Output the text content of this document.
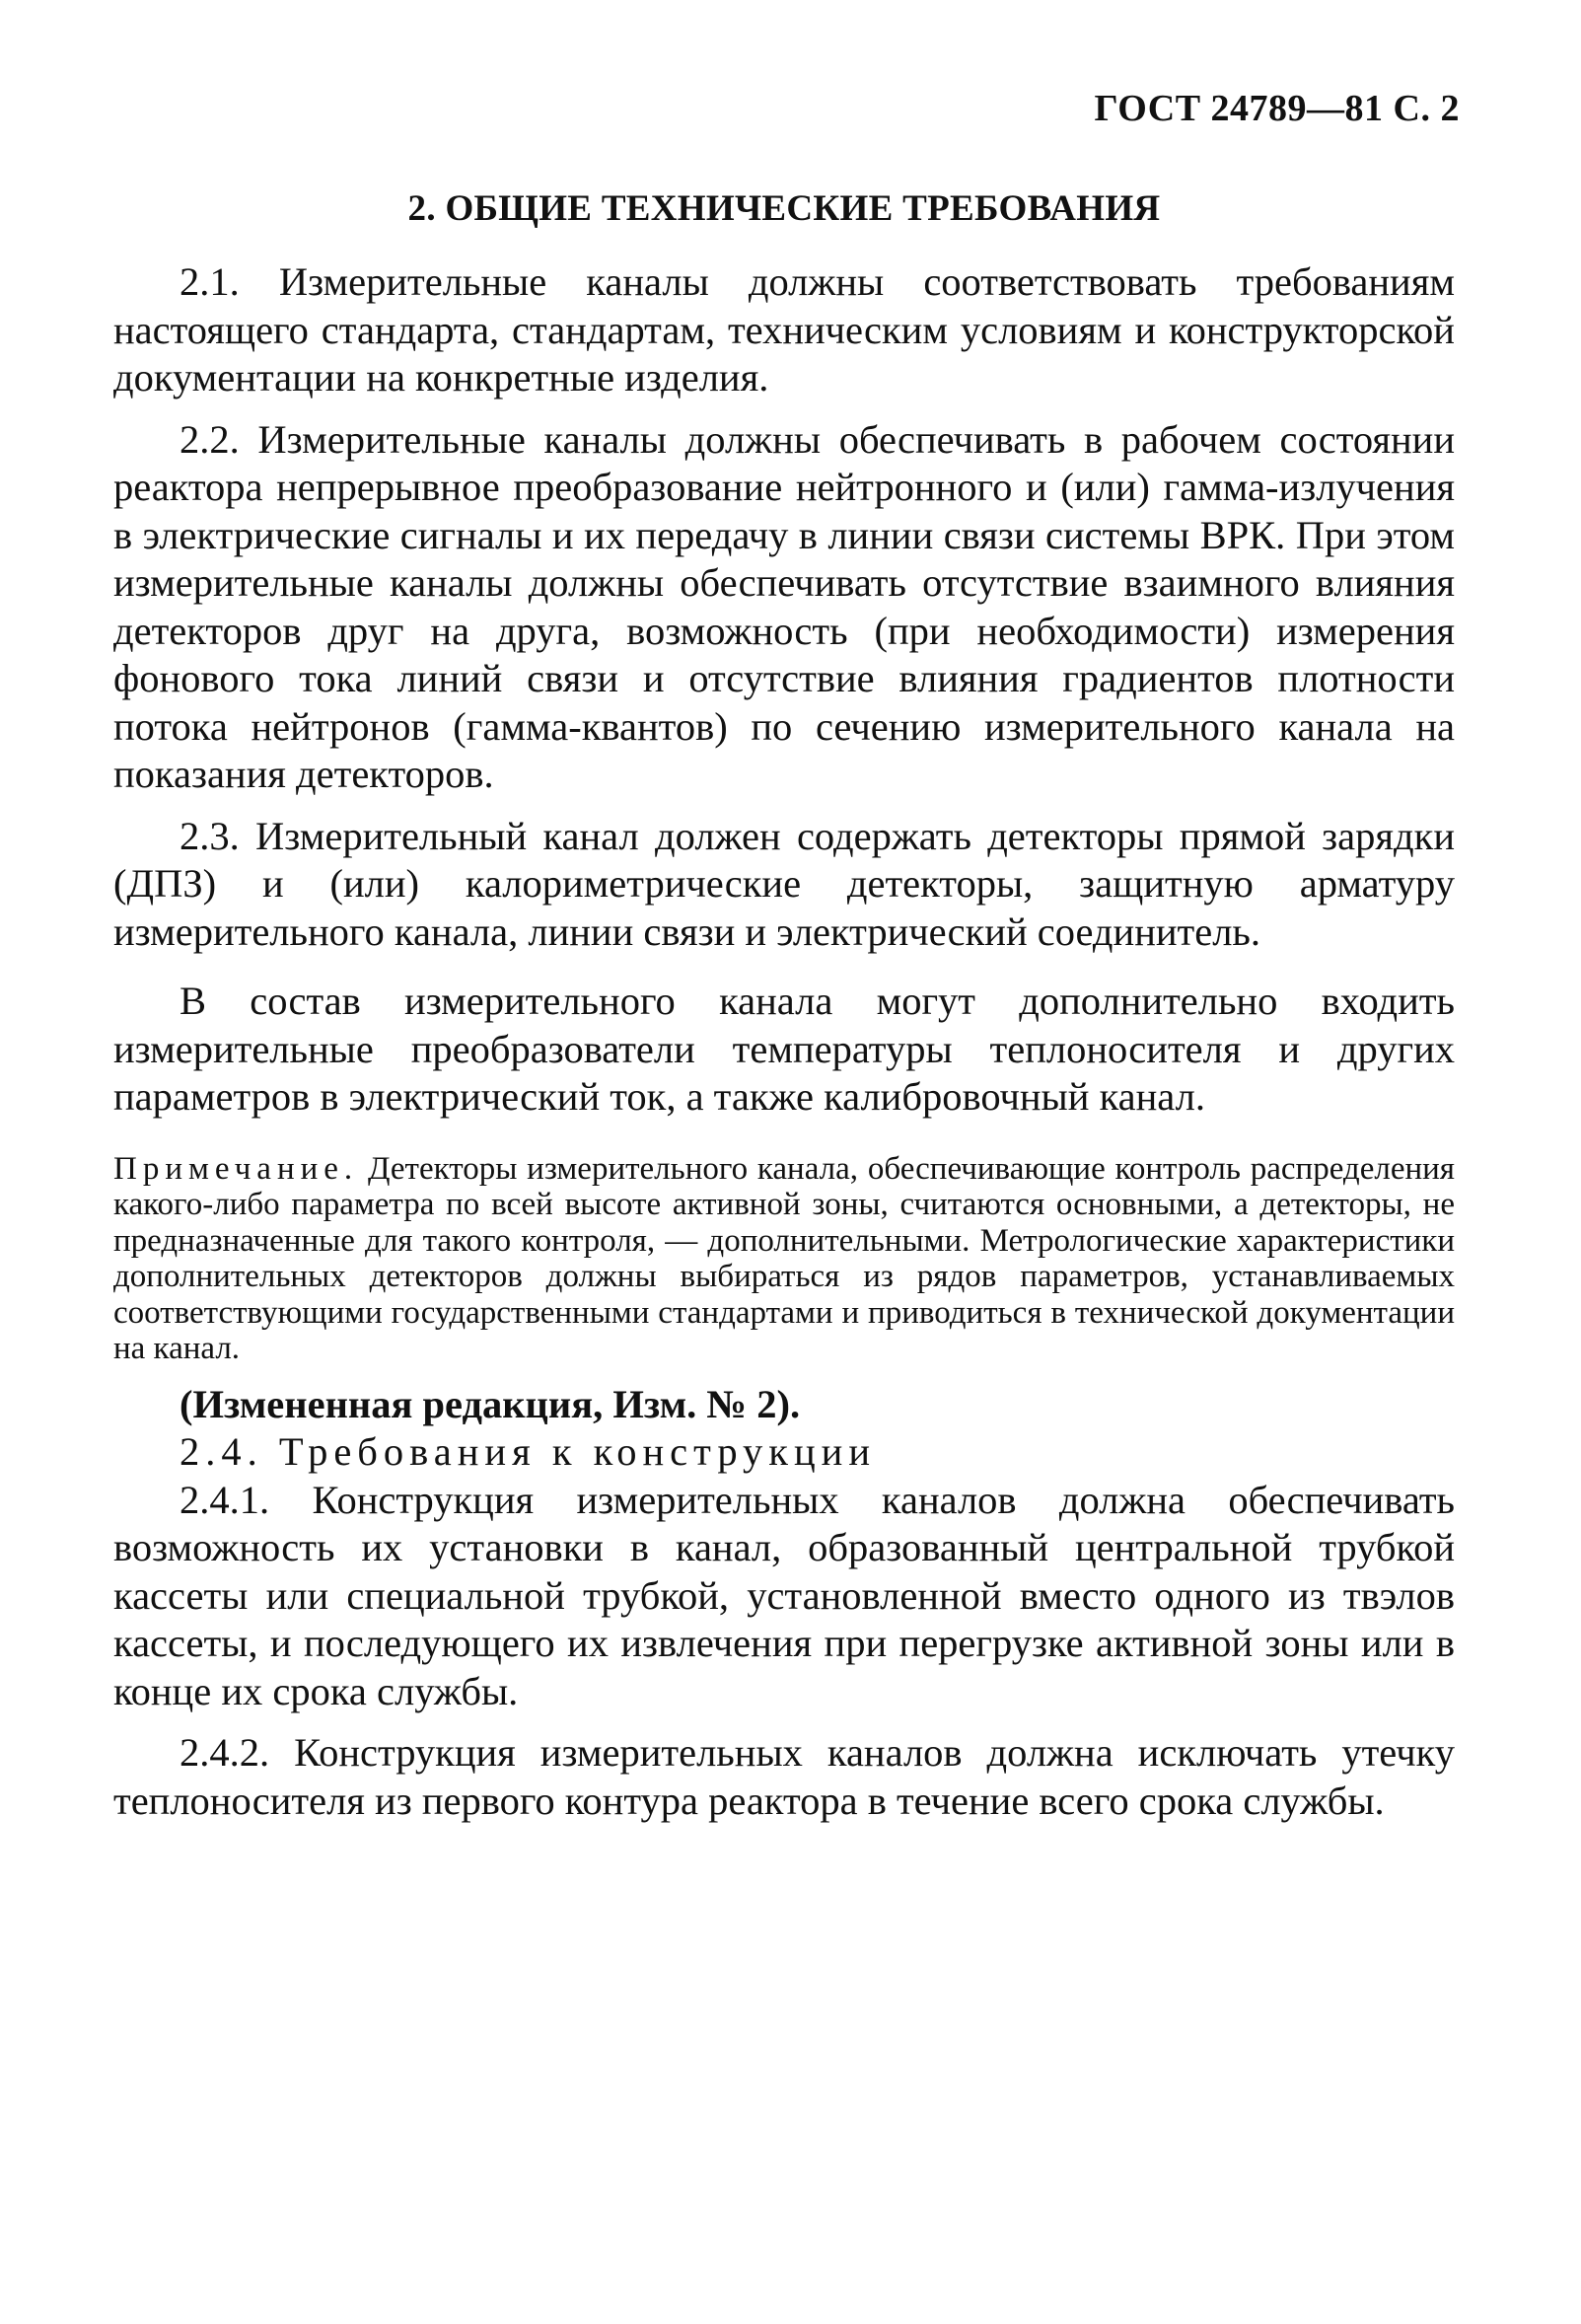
ГОСТ 24789—81 С. 2
2. ОБЩИЕ ТЕХНИЧЕСКИЕ ТРЕБОВАНИЯ

2.1. Измерительные каналы должны соответствовать требованиям настоящего стандарта, стандартам, техническим условиям и конструкторской документации на конкретные изделия.

2.2. Измерительные каналы должны обеспечивать в рабочем состоянии реактора непрерывное преобразование нейтронного и (или) гамма-излучения в электрические сигналы и их передачу в линии связи системы ВРК. При этом измерительные каналы должны обеспечивать отсутствие взаимного влияния детекторов друг на друга, возможность (при необходимости) измерения фонового тока линий связи и отсутствие влияния градиентов плотности потока нейтронов (гамма-квантов) по сечению измерительного канала на показания детекторов.

2.3. Измерительный канал должен содержать детекторы прямой зарядки (ДПЗ) и (или) калориметрические детекторы, защитную арматуру измерительного канала, линии связи и электрический соединитель.

В состав измерительного канала могут дополнительно входить измерительные преобразователи температуры теплоносителя и других параметров в электрический ток, а также калибровочный канал.

Примечание. Детекторы измерительного канала, обеспечивающие контроль распределения какого-либо параметра по всей высоте активной зоны, считаются основными, а детекторы, не предназначенные для такого контроля, — дополнительными. Метрологические характеристики дополнительных детекторов должны выбираться из рядов параметров, устанавливаемых соответствующими государственными стандартами и приводиться в технической документации на канал.

(Измененная редакция, Изм. № 2).

2.4. Требования к конструкции

2.4.1. Конструкция измерительных каналов должна обеспечивать возможность их установки в канал, образованный центральной трубкой кассеты или специальной трубкой, установленной вместо одного из твэлов кассеты, и последующего их извлечения при перегрузке активной зоны или в конце их срока службы.

2.4.2. Конструкция измерительных каналов должна исключать утечку теплоносителя из первого контура реактора в течение всего срока службы.
